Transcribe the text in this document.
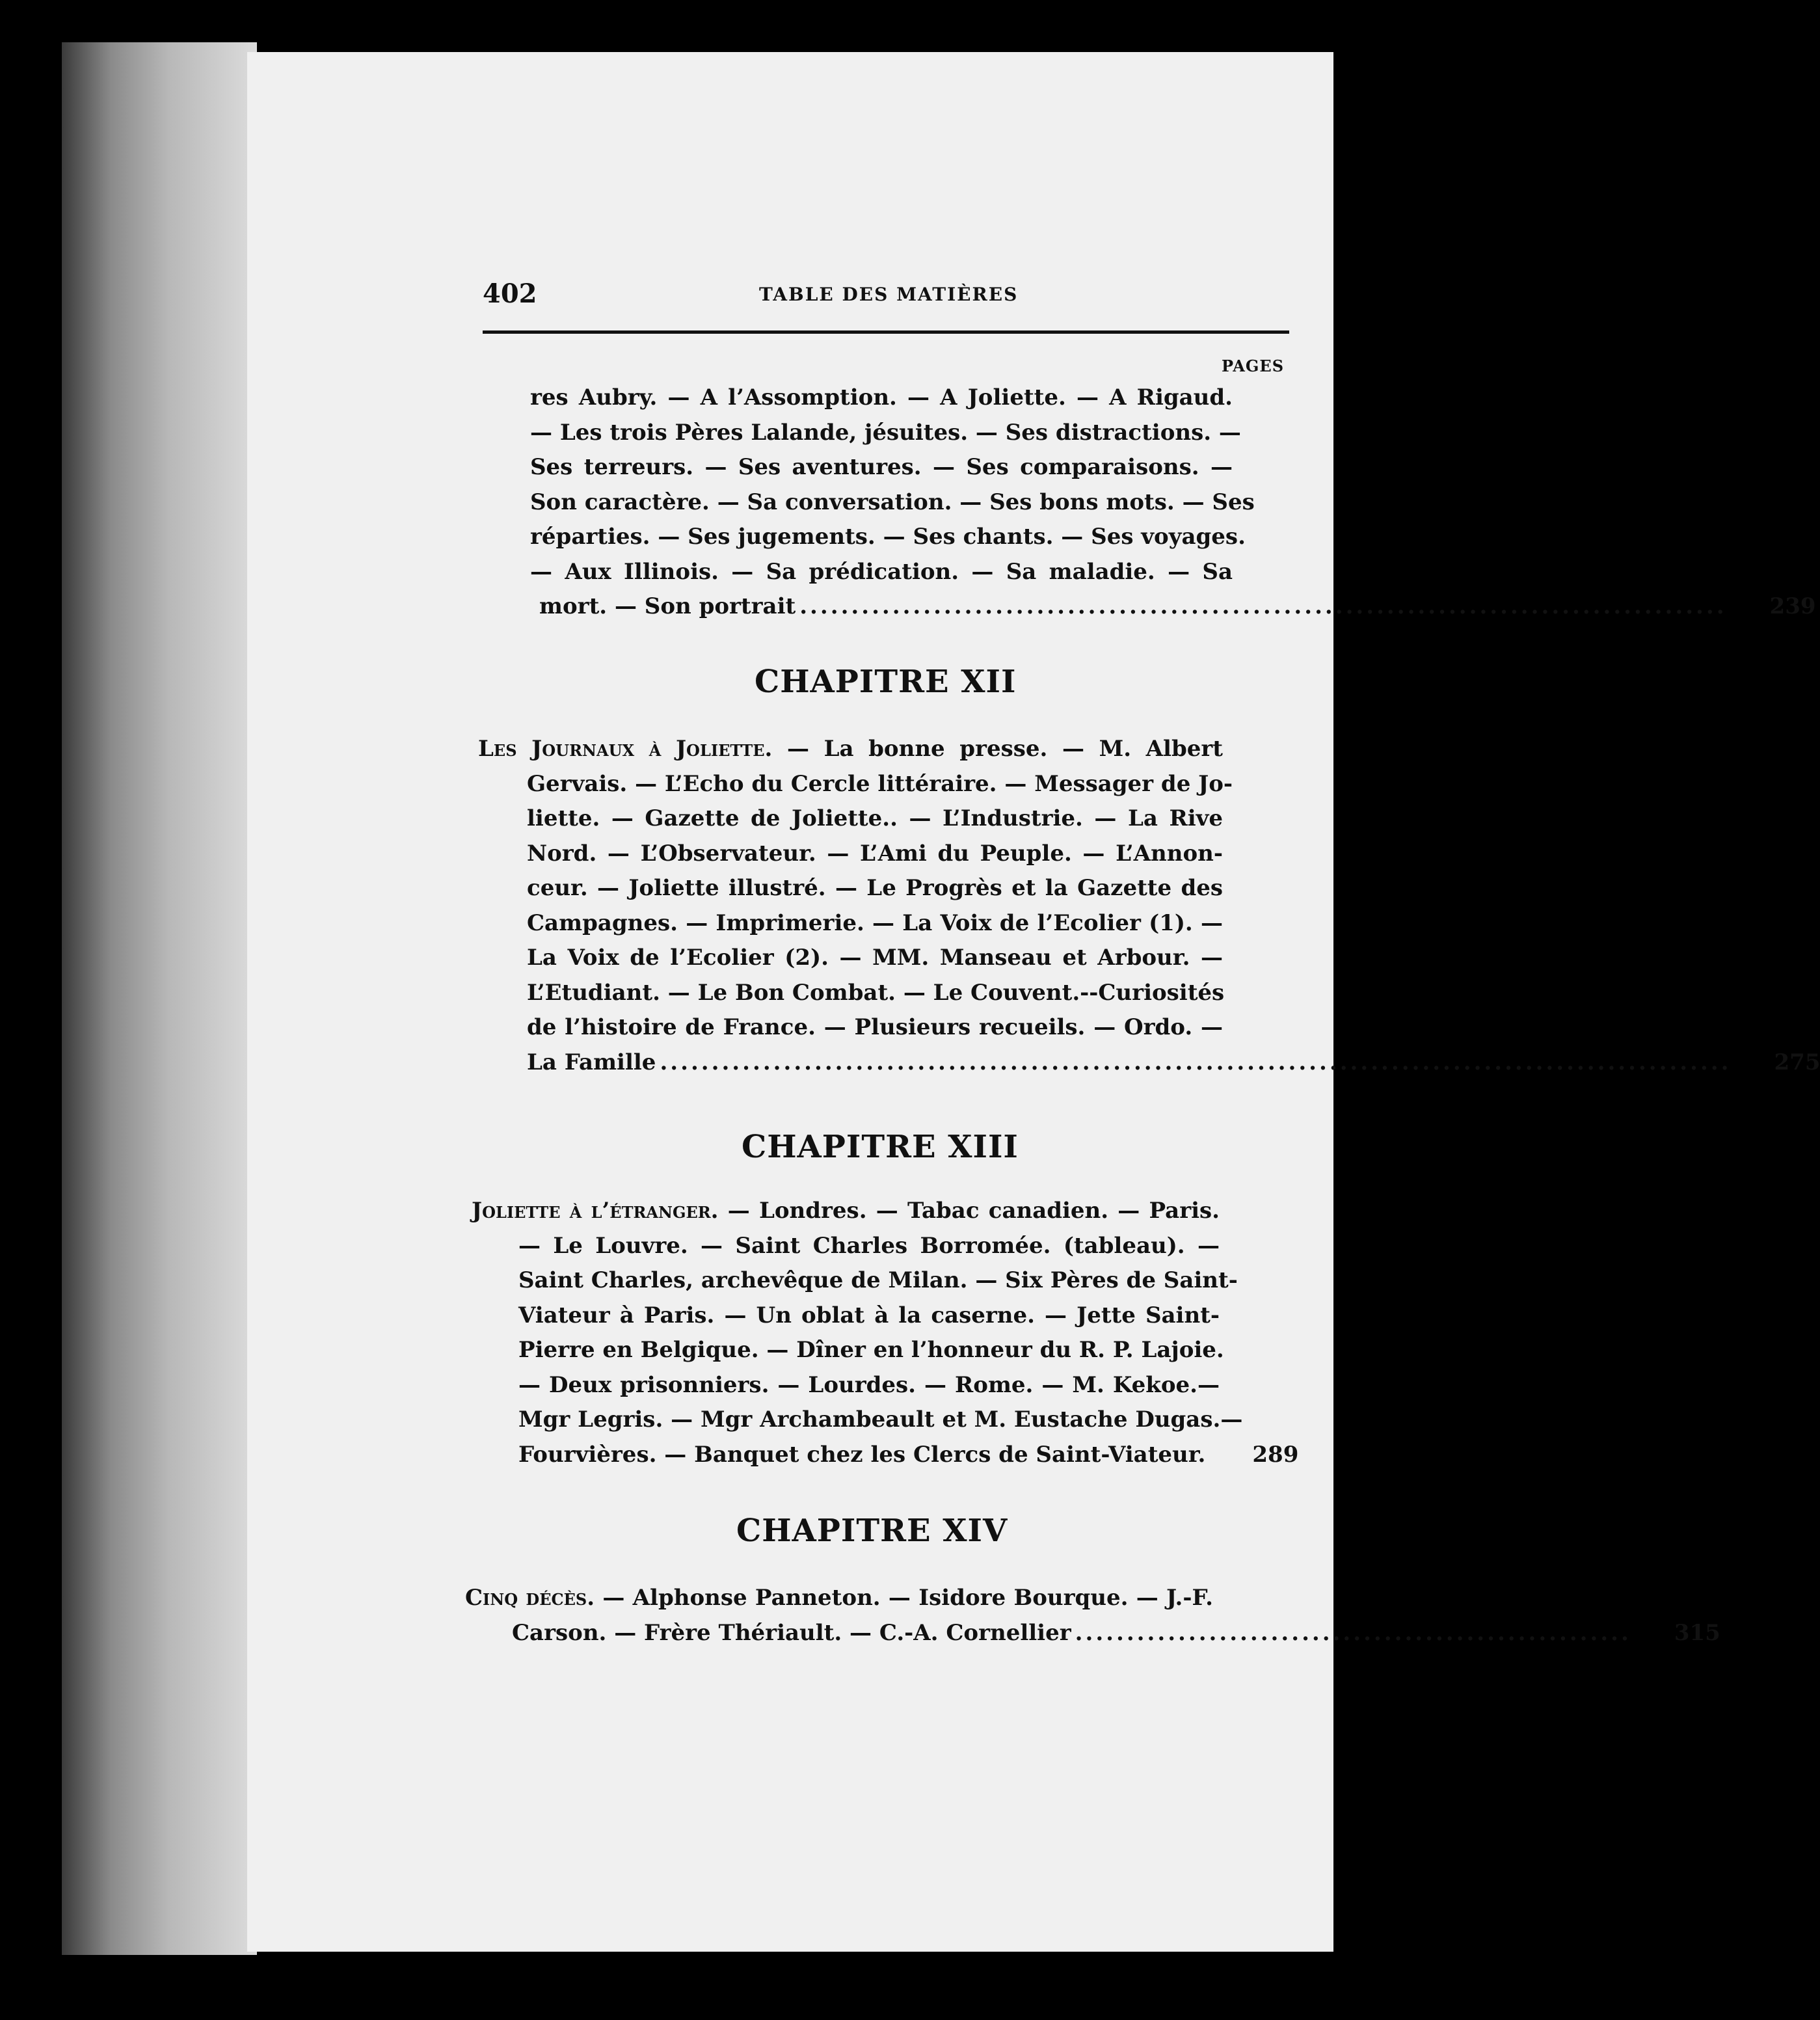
402	TABLE DES MATIÈRES
PAGES
res Aubry. — A l’Assomption. — A Joliette. — A Rigaud.
— Les trois Pères Lalande, jésuites. — Ses distractions. —
Ses terreurs. — Ses aventures. — Ses comparaisons. —
Son caractère. — Sa conversation. — Ses bons mots. — Ses
réparties. — Ses jugements. — Ses chants. — Ses voyages.
— Aux Illinois. — Sa prédication. — Sa maladie. — Sa
mort. — Son portrait .......................................................................................... 239
CHAPITRE XII
Les Journaux à Joliette. — La bonne presse. — M. Albert
Gervais. — L’Echo du Cercle littéraire. — Messager de Jo-
liette. — Gazette de Joliette.. — L’Industrie. — La Rive
Nord. — L’Observateur. — L’Ami du Peuple. — L’Annon-
ceur. — Joliette illustré. — Le Progrès et la Gazette des
Campagnes. — Imprimerie. — La Voix de l’Ecolier (1). —
La Voix de l’Ecolier (2). — MM. Manseau et Arbour. —
L’Etudiant. — Le Bon Combat. — Le Couvent.--Curiosités
de l’histoire de France. — Plusieurs recueils. — Ordo. —
La Famille ........................................................................................................ 275
CHAPITRE XIII
Joliette à l’étranger. — Londres. — Tabac canadien. — Paris.
— Le Louvre. — Saint Charles Borromée. (tableau). —
Saint Charles, archevêque de Milan. — Six Pères de Saint-
Viateur à Paris. — Un oblat à la caserne. — Jette Saint-
Pierre en Belgique. — Dîner en l’honneur du R. P. Lajoie.
— Deux prisonniers. — Lourdes. — Rome. — M. Kekoe.—
Mgr Legris. — Mgr Archambeault et M. Eustache Dugas.—
Fourvières. — Banquet chez les Clercs de Saint-Viateur. 289
CHAPITRE XIV
Cinq décès. — Alphonse Panneton. — Isidore Bourque. — J.-F.
Carson. — Frère Thériault. — C.-A. Cornellier ...................................................... 315
